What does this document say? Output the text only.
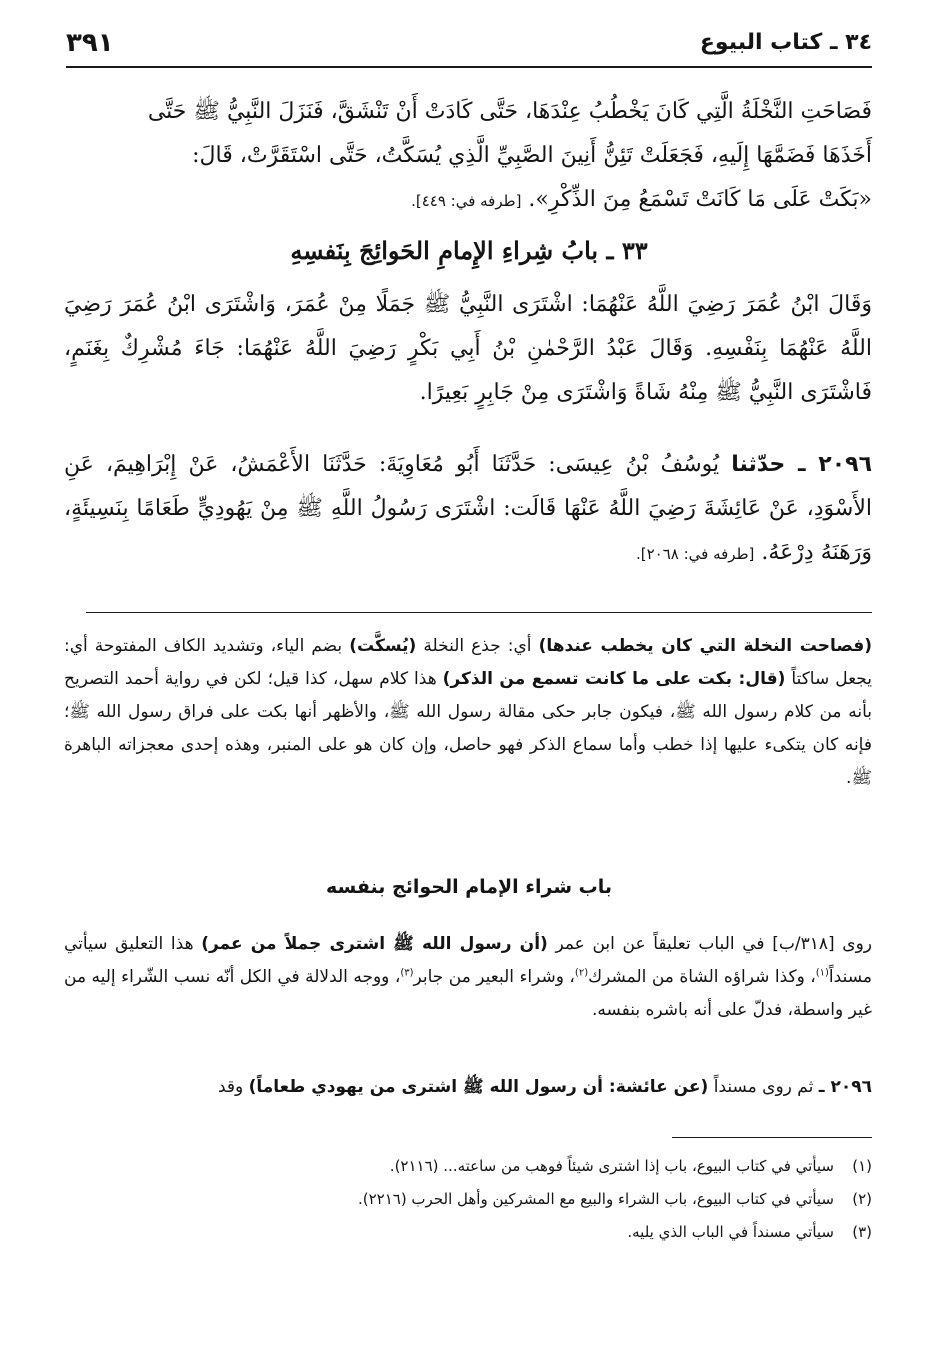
٣٤ ـ كتاب البيوع
٣٩١

فَصَاحَتِ النَّخْلَةُ الَّتِي كَانَ يَخْطُبُ عِنْدَهَا، حَتَّى كَادَتْ أَنْ تَنْشَقَّ، فَنَزَلَ النَّبِيُّ ﷺ حَتَّى

أَخَذَهَا فَضَمَّهَا إِلَيهِ، فَجَعَلَتْ تَئِنُّ أَنِينَ الصَّبِيِّ الَّذِي يُسَكَّتُ، حَتَّى اسْتَقَرَّتْ، قَالَ:

«بَكَتْ عَلَى مَا كَانَتْ تَسْمَعُ مِنَ الذِّكْرِ». [طرفه في: ٤٤٩].

٣٣ ـ بابُ شِراءِ الإِمامِ الحَوائِجَ بِنَفسِهِ

وَقَالَ ابْنُ عُمَرَ رَضِيَ اللَّهُ عَنْهُمَا: اشْتَرَى النَّبِيُّ ﷺ جَمَلًا مِنْ عُمَرَ، وَاشْتَرَى ابْنُ عُمَرَ رَضِيَ اللَّهُ عَنْهُمَا بِنَفْسِهِ. وَقَالَ عَبْدُ الرَّحْمٰنِ بْنُ أَبِي بَكْرٍ رَضِيَ اللَّهُ عَنْهُمَا: جَاءَ مُشْرِكٌ بِغَنَمٍ، فَاشْتَرَى النَّبِيُّ ﷺ مِنْهُ شَاةً وَاشْتَرَى مِنْ جَابِرٍ بَعِيرًا.

٢٠٩٦ ـ حدّثنا يُوسُفُ بْنُ عِيسَى: حَدَّثَنَا أَبُو مُعَاوِيَةَ: حَدَّثَنَا الأَعْمَشُ، عَنْ إِبْرَاهِيمَ، عَنِ الأَسْوَدِ، عَنْ عَائِشَةَ رَضِيَ اللَّهُ عَنْهَا قَالَت: اشْتَرَى رَسُولُ اللَّهِ ﷺ مِنْ يَهُودِيٍّ طَعَامًا بِنَسِيئَةٍ، وَرَهَنَهُ دِرْعَهُ. [طرفه في: ٢٠٦٨].

(فصاحت النخلة التي كان يخطب عندها) أي: جذع النخلة (يُسكَّت) بضم الياء، وتشديد الكاف المفتوحة أي: يجعل ساكتاً (قال: بكت على ما كانت تسمع من الذكر) هذا كلام سهل، كذا قيل؛ لكن في رواية أحمد التصريح بأنه من كلام رسول الله ﷺ، فيكون جابر حكى مقالة رسول الله ﷺ، والأظهر أنها بكت على فراق رسول الله ﷺ؛ فإنه كان يتكىء عليها إذا خطب وأما سماع الذكر فهو حاصل، وإن كان هو على المنبر، وهذه إحدى معجزاته الباهرة ﷺ.

باب شراء الإمام الحوائج بنفسه

روى [٣١٨/ب] في الباب تعليقاً عن ابن عمر (أن رسول الله ﷺ اشترى جملاً من عمر) هذا التعليق سيأتي مسنداً$^{(١)}$، وكذا شراؤه الشاة من المشرك$^{(٢)}$، وشراء البعير من جابر$^{(٣)}$، ووجه الدلالة في الكل أنّه نسب الشّراء إليه من غير واسطة، فدلّ على أنه باشره بنفسه.

٢٠٩٦ ـ ثم روى مسنداً (عن عائشة: أن رسول الله ﷺ اشترى من يهودي طعاماً) وقد

(١)
سيأتي في كتاب البيوع، باب إذا اشترى شيئاً فوهب من ساعته... (٢١١٦).
(٢)
سيأتي في كتاب البيوع، باب الشراء والبيع مع المشركين وأهل الحرب (٢٢١٦).
(٣)
سيأتي مسنداً في الباب الذي يليه.
